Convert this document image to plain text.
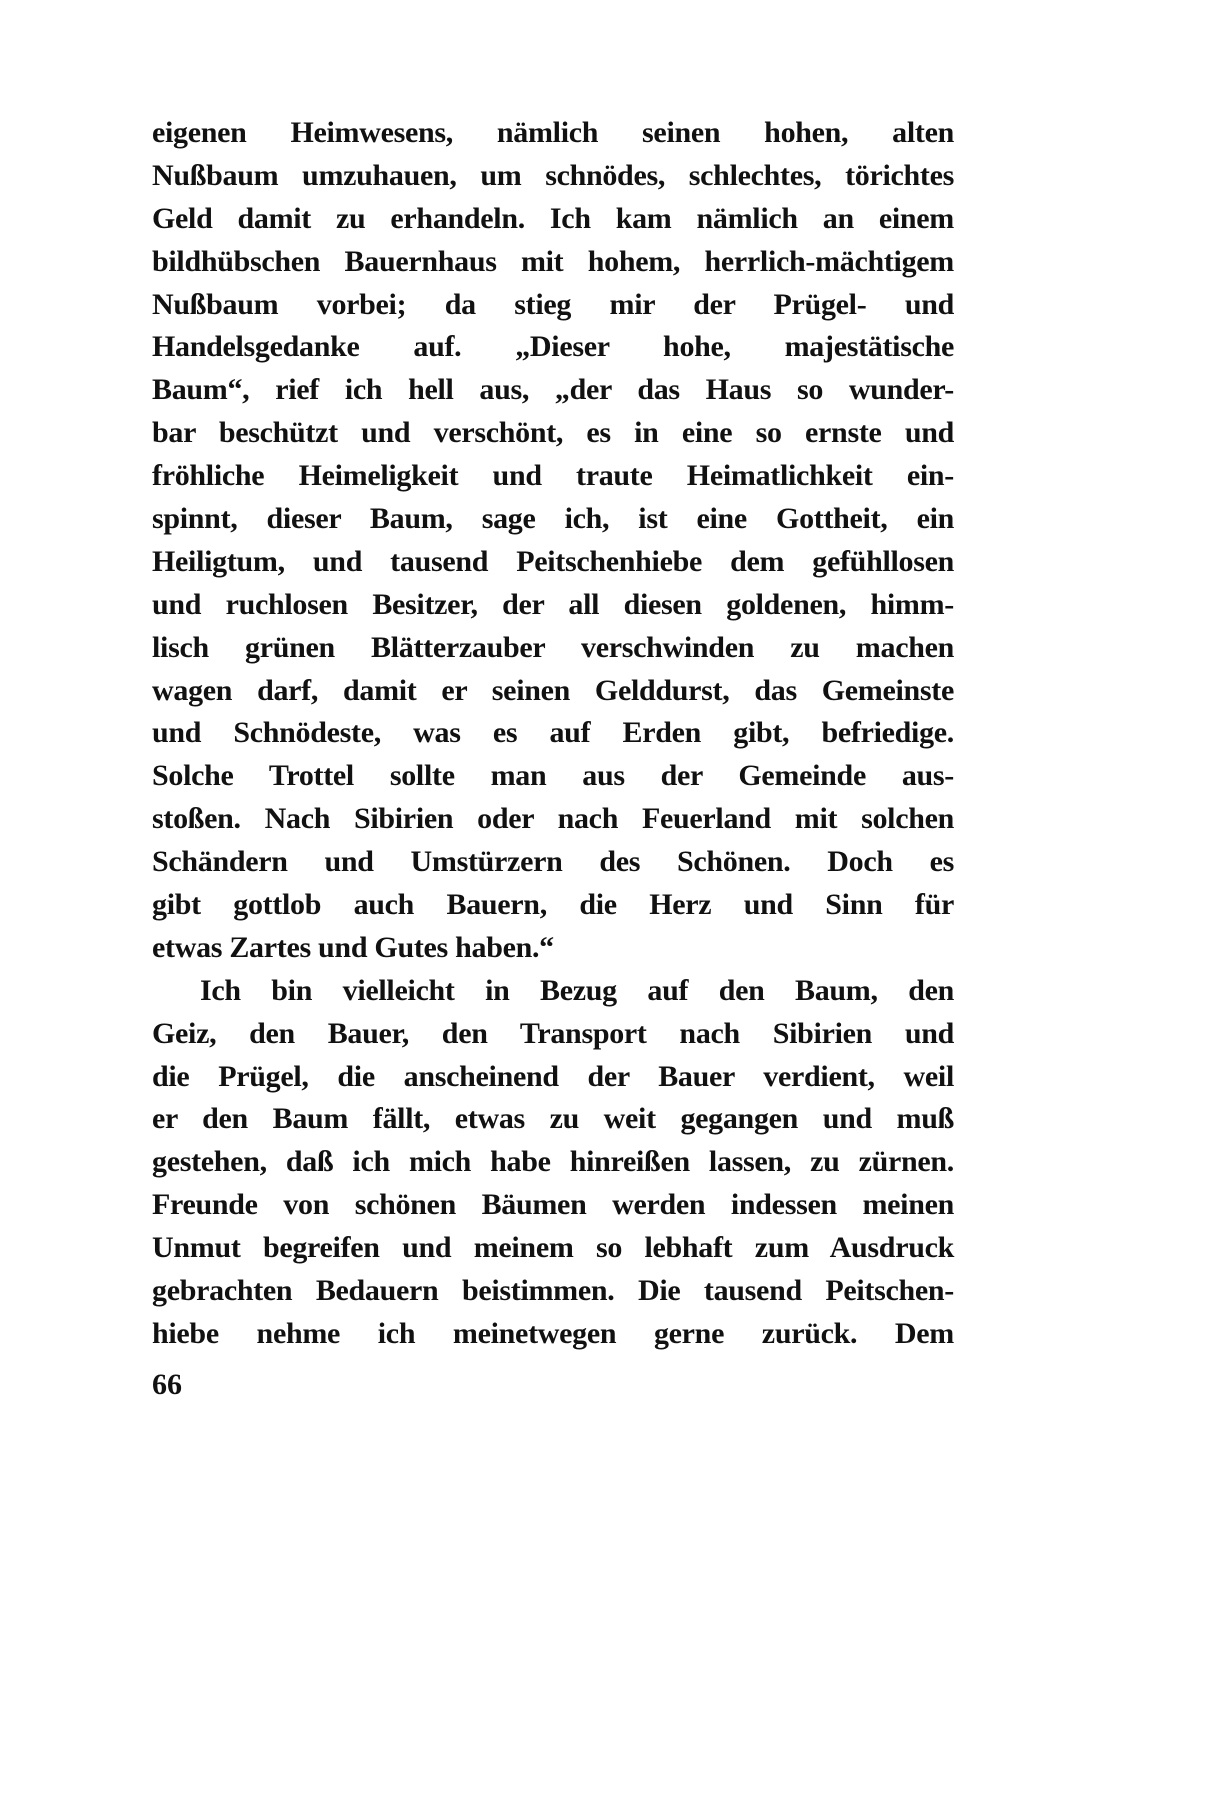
eigenen Heimwesens, nämlich seinen hohen, alten
Nußbaum umzuhauen, um schnödes, schlechtes, törichtes
Geld damit zu erhandeln. Ich kam nämlich an einem
bildhübschen Bauernhaus mit hohem, herrlich-mächtigem
Nußbaum vorbei; da stieg mir der Prügel- und
Handelsgedanke auf. „Dieser hohe, majestätische
Baum“, rief ich hell aus, „der das Haus so wunder-
bar beschützt und verschönt, es in eine so ernste und
fröhliche Heimeligkeit und traute Heimatlichkeit ein-
spinnt, dieser Baum, sage ich, ist eine Gottheit, ein
Heiligtum, und tausend Peitschenhiebe dem gefühllosen
und ruchlosen Besitzer, der all diesen goldenen, himm-
lisch grünen Blätterzauber verschwinden zu machen
wagen darf, damit er seinen Gelddurst, das Gemeinste
und Schnödeste, was es auf Erden gibt, befriedige.
Solche Trottel sollte man aus der Gemeinde aus-
stoßen. Nach Sibirien oder nach Feuerland mit solchen
Schändern und Umstürzern des Schönen. Doch es
gibt gottlob auch Bauern, die Herz und Sinn für
etwas Zartes und Gutes haben.“
Ich bin vielleicht in Bezug auf den Baum, den
Geiz, den Bauer, den Transport nach Sibirien und
die Prügel, die anscheinend der Bauer verdient, weil
er den Baum fällt, etwas zu weit gegangen und muß
gestehen, daß ich mich habe hinreißen lassen, zu zürnen.
Freunde von schönen Bäumen werden indessen meinen
Unmut begreifen und meinem so lebhaft zum Ausdruck
gebrachten Bedauern beistimmen. Die tausend Peitschen-
hiebe nehme ich meinetwegen gerne zurück. Dem
66
